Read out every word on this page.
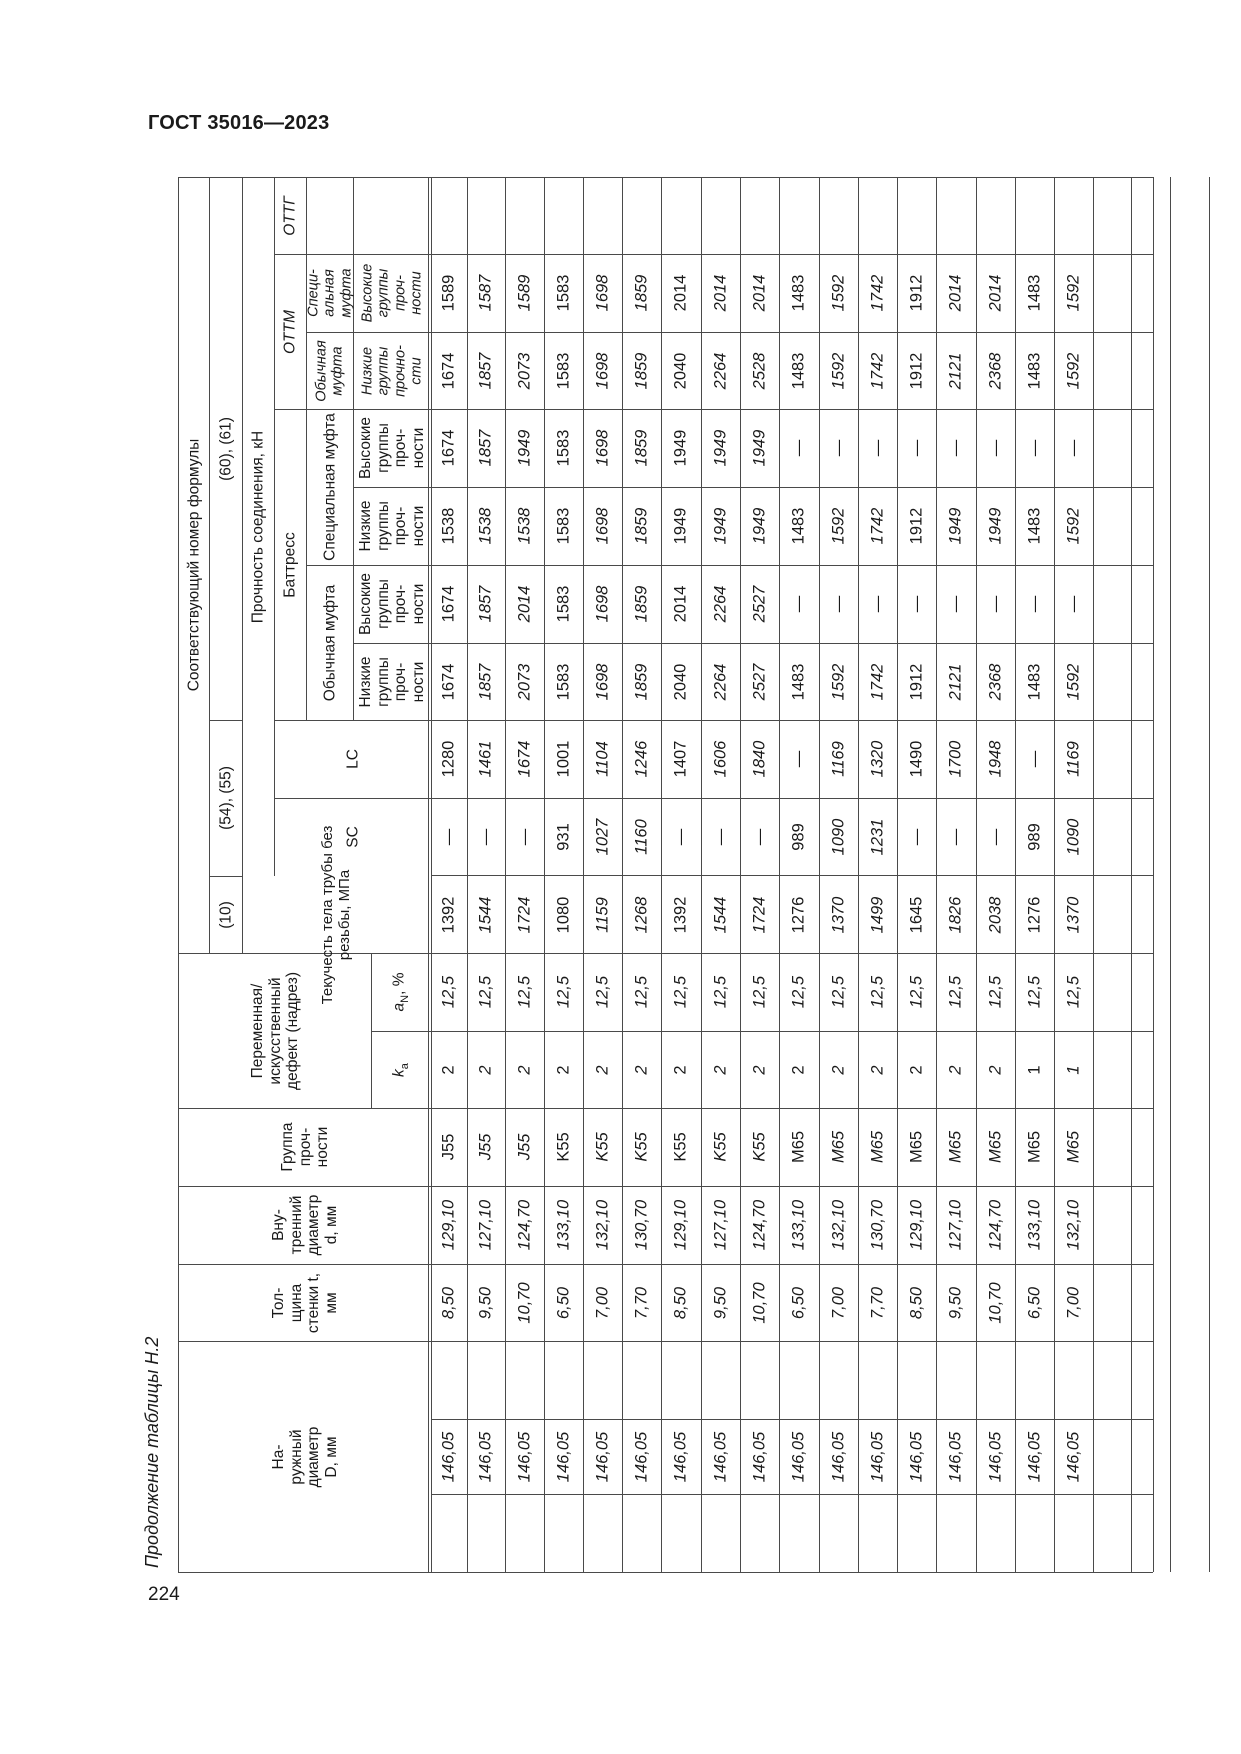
ГОСТ 35016—2023
224
Продолжение таблицы Н.2	На-
ружный
диаметр
D, мм
Тол-
щина
стенки t,
мм
Вну-
тренний
диаметр
d, мм
Группа
проч-
ности
Переменная/
искусственный
дефект (надрез)	$k_a$
$a_N$, %
Соответствующий номер формулы
(10)
(54), (55)
(60), (61)
Текучесть тела трубы без
резьбы, МПа
Прочность соединения, кН
SC
LC
Баттресс
Обычная муфта
Специальная муфта
Низкие
группы
проч-
ности
Высокие
группы
проч-
ности
Низкие
группы
проч-
ности
Высокие
группы
проч-
ности
ОТТМ
Обычная
муфта Низкие
группы
прочно-
сти
Специ-
альная
муфта Высокие
группы
проч-
ности
ОТТГ
146,05
8,50
129,10
J55
2
12,5
1392
—
1280
1674
1674
1538
1674
1674
1589
146,05
9,50
127,10
J55
2
12,5
1544
—
1461
1857
1857
1538
1857
1857
1587
146,05
10,70
124,70
J55
2
12,5
1724
—
1674
2073
2014
1538
1949
2073
1589
146,05
6,50
133,10
K55
2
12,5
1080
931
1001
1583
1583
1583
1583
1583
1583
146,05
7,00
132,10
K55
2
12,5
1159
1027
1104
1698
1698
1698
1698
1698
1698
146,05
7,70
130,70
K55
2
12,5
1268
1160
1246
1859
1859
1859
1859
1859
1859
146,05
8,50
129,10
K55
2
12,5
1392
—
1407
2040
2014
1949
1949
2040
2014
146,05
9,50
127,10
K55
2
12,5
1544
—
1606
2264
2264
1949
1949
2264
2014
146,05
10,70
124,70
K55
2
12,5
1724
—
1840
2527
2527
1949
1949
2528
2014
146,05
6,50
133,10
M65
2
12,5
1276
989
—
1483
—
1483
—
1483
1483
146,05
7,00
132,10
M65
2
12,5
1370
1090
1169
1592
—
1592
—
1592
1592
146,05
7,70
130,70
M65
2
12,5
1499
1231
1320
1742
—
1742
—
1742
1742
146,05
8,50
129,10
M65
2
12,5
1645
—
1490
1912
—
1912
—
1912
1912
146,05
9,50
127,10
M65
2
12,5
1826
—
1700
2121
—
1949
—
2121
2014
146,05
10,70
124,70
M65
2
12,5
2038
—
1948
2368
—
1949
—
2368
2014
146,05
6,50
133,10
M65
1
12,5
1276
989
—
1483
—
1483
—
1483
1483
146,05
7,00
132,10
M65
1
12,5
1370
1090
1169
1592
—
1592
—
1592
1592
